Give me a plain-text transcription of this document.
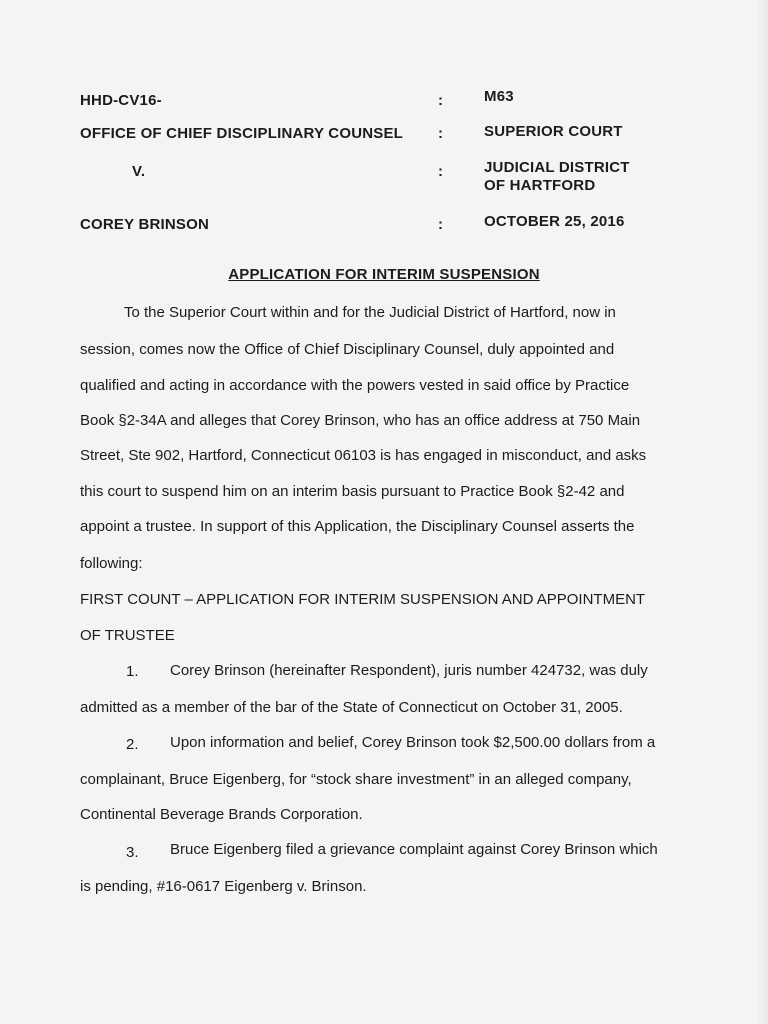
HHD-CV16-	:	M63
OFFICE OF CHIEF DISCIPLINARY COUNSEL :	SUPERIOR COURT
V.	:	JUDICIAL DISTRICT
OF HARTFORD
COREY BRINSON	:	OCTOBER 25, 2016
APPLICATION FOR INTERIM SUSPENSION
To the Superior Court within and for the Judicial District of Hartford, now in
session, comes now the Office of Chief Disciplinary Counsel, duly appointed and
qualified and acting in accordance with the powers vested in said office by Practice
Book §2-34A and alleges that Corey Brinson, who has an office address at 750 Main
Street, Ste 902, Hartford, Connecticut 06103 is has engaged in misconduct, and asks
this court to suspend him on an interim basis pursuant to Practice Book §2-42 and
appoint a trustee. In support of this Application, the Disciplinary Counsel asserts the
following:
FIRST COUNT – APPLICATION FOR INTERIM SUSPENSION AND APPOINTMENT
OF TRUSTEE
1. Corey Brinson (hereinafter Respondent), juris number 424732, was duly
admitted as a member of the bar of the State of Connecticut on October 31, 2005.
2. Upon information and belief, Corey Brinson took $2,500.00 dollars from a
complainant, Bruce Eigenberg, for “stock share investment” in an alleged company,
Continental Beverage Brands Corporation.
3. Bruce Eigenberg filed a grievance complaint against Corey Brinson which
is pending, #16-0617 Eigenberg v. Brinson.
